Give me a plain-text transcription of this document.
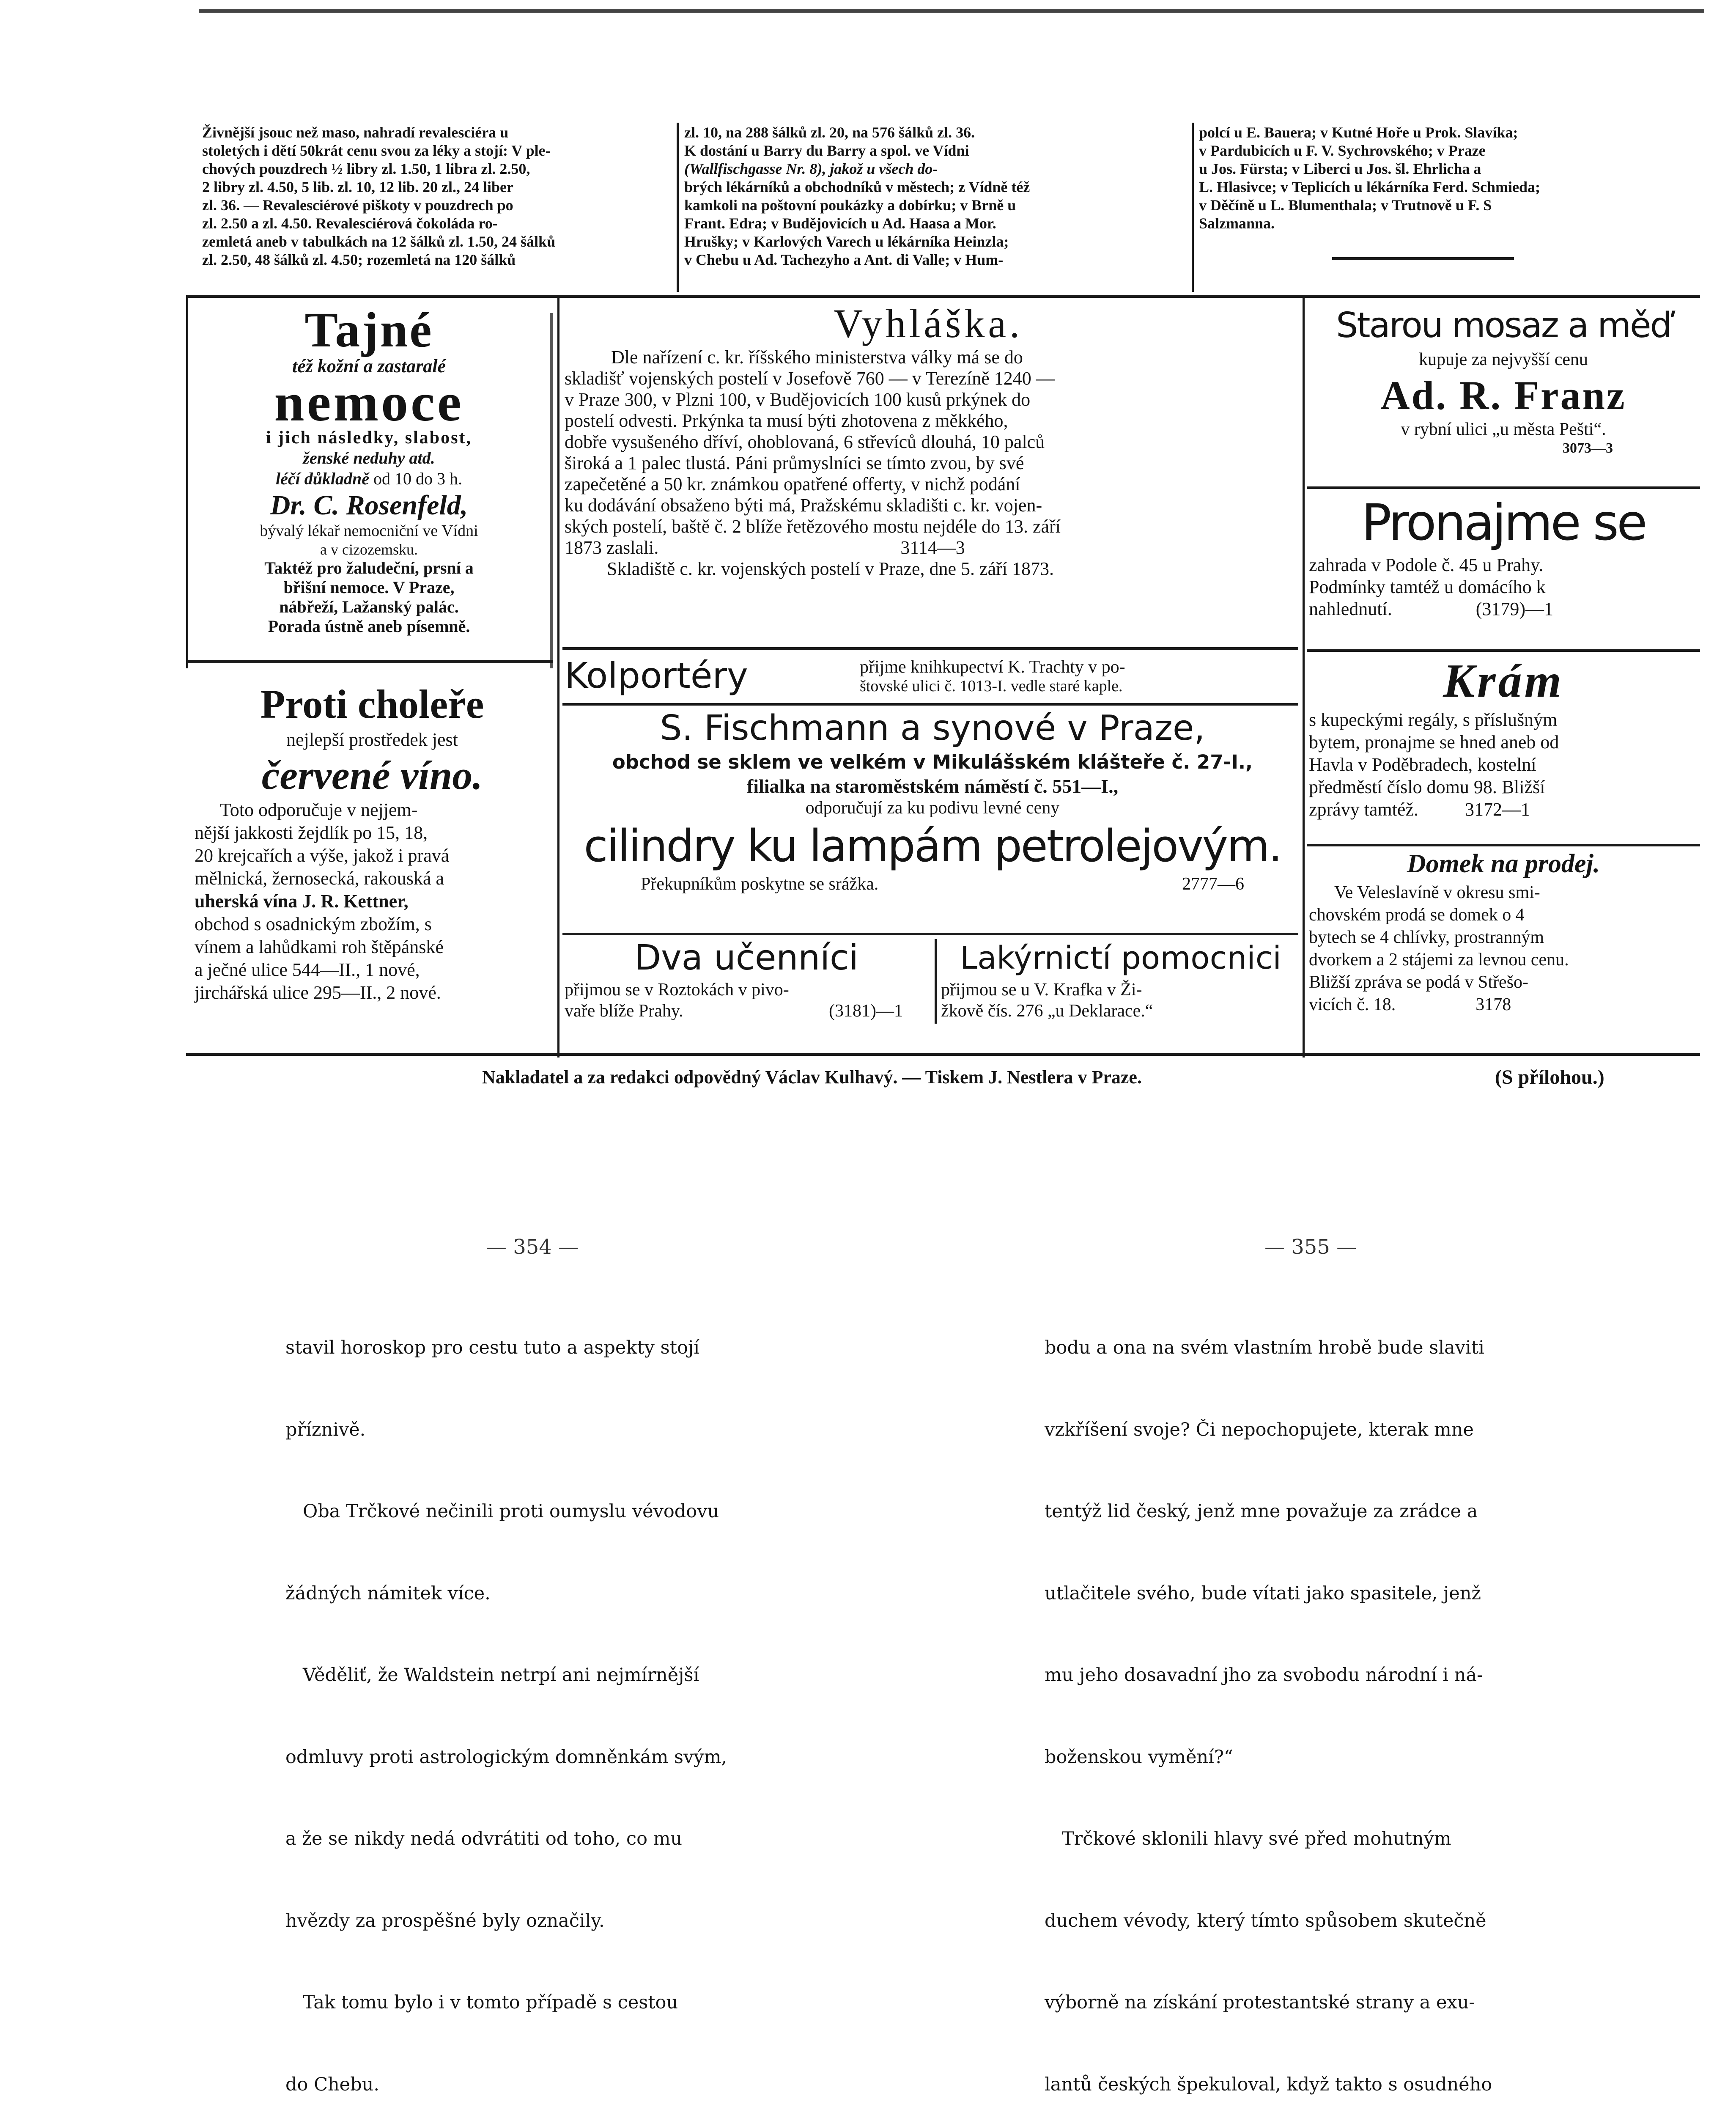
Živnější jsouc než maso, nahradí revalesciéra u

stoletých i dětí 50krát cenu svou za léky a stojí: V ple-

chových pouzdrech ½ libry zl. 1.50, 1 libra zl. 2.50,

2 libry zl. 4.50, 5 lib. zl. 10, 12 lib. 20 zl., 24 liber

zl. 36. — Revalesciérové piškoty v pouzdrech po

zl. 2.50 a zl. 4.50. Revalesciérová čokoláda ro-

zemletá aneb v tabulkách na 12 šálků zl. 1.50, 24 šálků

zl. 2.50, 48 šálků zl. 4.50; rozemletá na 120 šálků

zl. 10, na 288 šálků zl. 20, na 576 šálků zl. 36.

K dostání u Barry du Barry a spol. ve Vídni

(Wallfischgasse Nr. 8), jakož u všech do-

brých lékárníků a obchodníků v městech; z Vídně též

kamkoli na poštovní poukázky a dobírku; v Brně u

Frant. Edra; v Budějovicích u Ad. Haasa a Mor.

Hrušky; v Karlových Varech u lékárníka Heinzla;

v Chebu u Ad. Tachezyho a Ant. di Valle; v Hum-

polcí u E. Bauera; v Kutné Hoře u Prok. Slavíka;

v Pardubicích u F. V. Sychrovského; v Praze

u Jos. Fürsta; v Liberci u Jos. šl. Ehrlicha a

L. Hlasivce; v Teplicích u lékárníka Ferd. Schmieda;

v Děčíně u L. Blumenthala; v Trutnově u F. S

Salzmanna.

Tajné
též kožní a zastaralé
nemoce
i jich následky, slabost,
ženské neduhy atd.
léčí důkladně od 10 do 3 h.
Dr. C. Rosenfeld,
bývalý lékař nemocniční ve Vídni
a v cizozemsku.
Taktéž pro žaludeční, prsní a
břišní nemoce. V Praze,
nábřeží, Lažanský palác.
Porada ústně aneb písemně.
Proti choleře
nejlepší prostředek jest
červené víno.
Toto odporučuje v nejjem-
nější jakkosti žejdlík po 15, 18,
20 krejcařích a výše, jakož i pravá
mělnická, žernosecká, rakouská a
uherská vína J. R. Kettner,
obchod s osadnickým zbožím, s
vínem a lahůdkami roh štěpánské
a ječné ulice 544—II., 1 nové,
jirchářská ulice 295—II., 2 nové.
Vyhláška.
Dle nařízení c. kr. říšského ministerstva války má se do
skladišť vojenských postelí v Josefově 760 — v Terezíně 1240 —
v Praze 300, v Plzni 100, v Budějovicích 100 kusů prkýnek do
postelí odvesti. Prkýnka ta musí býti zhotovena z měkkého,
dobře vysušeného dříví, ohoblovaná, 6 střevíců dlouhá, 10 palců
široká a 1 palec tlustá. Páni průmyslníci se tímto zvou, by své
zapečetěné a 50 kr. známkou opatřené offerty, v nichž podání
ku dodávání obsaženo býti má, Pražskému skladišti c. kr. vojen-
ských postelí, baště č. 2 blíže řetězového mostu nejdéle do 13. září
1873 zaslali.                                                    3114—3
Skladiště c. kr. vojenských postelí v Praze, dne 5. září 1873.
Kolportéry	přijme knihkupectví K. Trachty v po-
štovské ulici č. 1013-I. vedle staré kaple.
S. Fischmann a synové v Praze,
obchod se sklem ve velkém v Mikulášském klášteře č. 27-I.,
filialka na staroměstském náměstí č. 551—I.,
odporučují za ku podivu levné ceny
cilindry ku lampám petrolejovým.
Překupníkům poskytne se srážka.	2777—6
Dva učenníci
přijmou se v Roztokách v pivo-
vaře blíže Prahy.	(3181)—1
Lakýrnictí pomocnici
přijmou se u V. Krafka v Ži-
žkově čís. 276 „u Deklarace.“
Starou mosaz a měď
kupuje za nejvyšší cenu
Ad. R. Franz
v rybní ulici „u města Pešti“.
3073—3
Pronajme se
zahrada v Podole č. 45 u Prahy.
Podmínky tamtéž u domácího k
nahlednutí.                  (3179)—1
Krám
s kupeckými regály, s příslušným
bytem, pronajme se hned aneb od
Havla v Poděbradech, kostelní
předměstí číslo domu 98. Bližší
zprávy tamtéž.          3172—1
Domek na prodej.
Ve Veleslavíně v okresu smi-
chovském prodá se domek o 4
bytech se 4 chlívky, prostranným
dvorkem a 2 stájemi za levnou cenu.
Bližší zpráva se podá v Střešo-
vicích č. 18.                  3178
Nakladatel a za redakci odpovědný Václav Kulhavý. — Tiskem J. Nestlera v Praze.	(S přílohou.)
— 354 —	— 355 —

stavil horoskop pro cestu tuto a aspekty stojí

příznivě.

Oba Trčkové nečinili proti oumyslu vévodovu

žádných námitek více.

Věděliť, že Waldstein netrpí ani nejmírnější

odmluvy proti astrologickým domněnkám svým,

a že se nikdy nedá odvrátiti od toho, co mu

hvězdy za prospěšné byly označily.

Tak tomu bylo i v tomto případě s cestou

do Chebu.

bodu a ona na svém vlastním hrobě bude slaviti

vzkříšení svoje? Či nepochopujete, kterak mne

tentýž lid český, jenž mne považuje za zrádce a

utlačitele svého, bude vítati jako spasitele, jenž

mu jeho dosavadní jho za svobodu národní i ná-

boženskou vymění?“

Trčkové sklonili hlavy své před mohutným

duchem vévody, který tímto spůsobem skutečně

výborně na získání protestantské strany a exu-

lantů českých špekuloval, když takto s osudného
